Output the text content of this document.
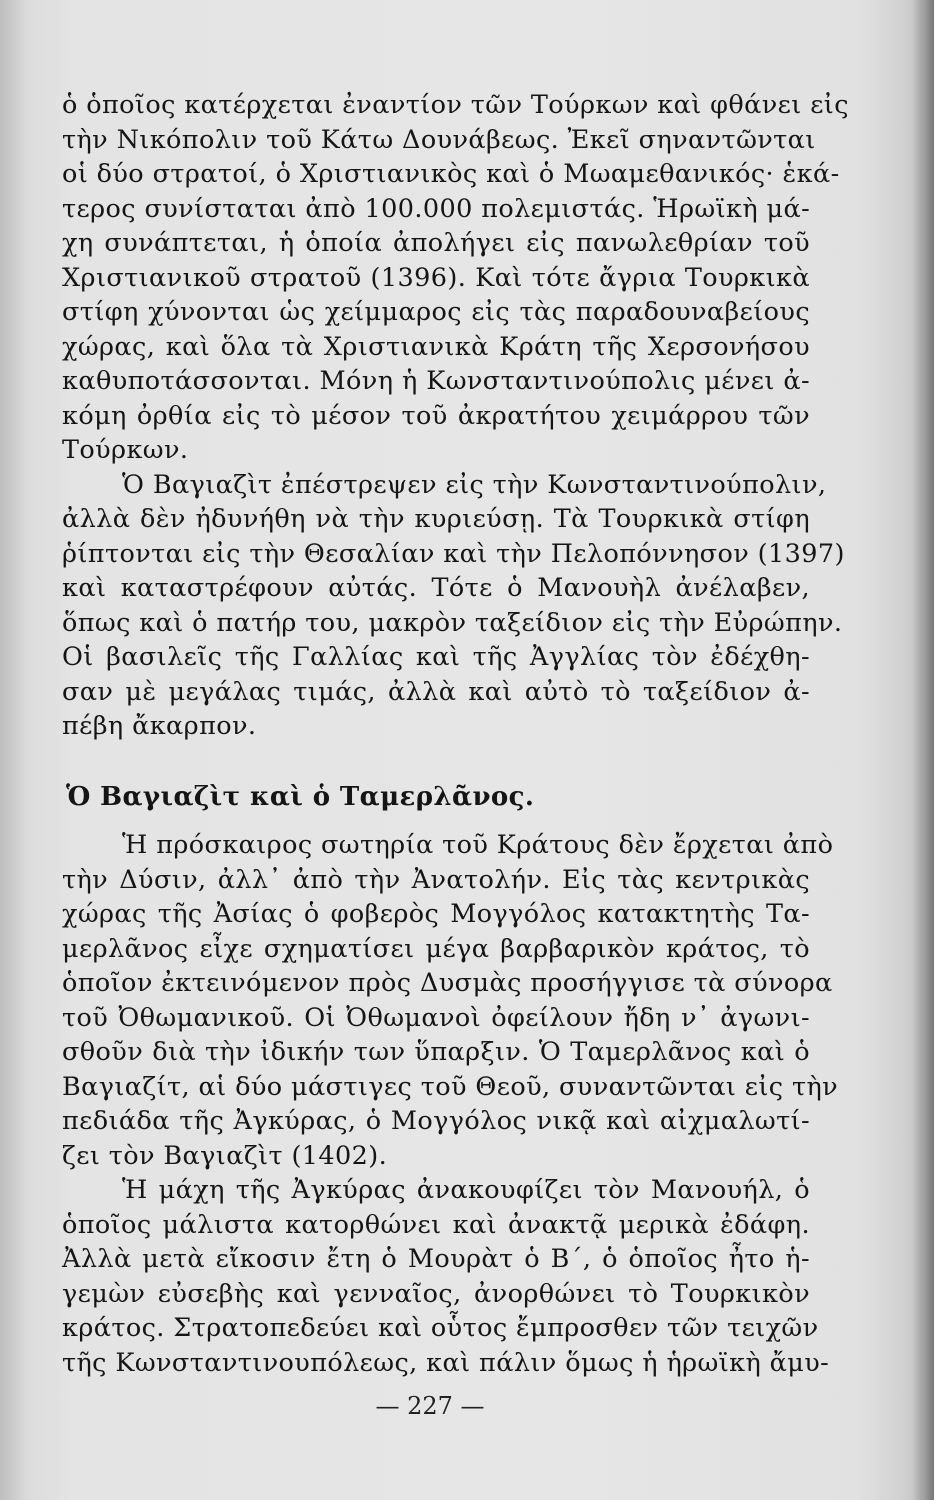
ὁ ὁποῖος κατέρχεται ἐναντίον τῶν Τούρκων καὶ φθάνει εἰς
τὴν Νικόπολιν τοῦ Κάτω Δουνάβεως. Ἐκεῖ σηναντῶνται
οἱ δύο στρατοί, ὁ Χριστιανικὸς καὶ ὁ Μωαμεθανικός· ἑκά-
τερος συνίσταται ἀπὸ 100.000 πολεμιστάς. Ἡρωϊκὴ μά-
χη συνάπτεται, ἡ ὁποία ἀπολήγει εἰς πανωλεθρίαν τοῦ
Χριστιανικοῦ στρατοῦ (1396). Καὶ τότε ἄγρια Τουρκικὰ
στίφη χύνονται ὡς χείμμαρος εἰς τὰς παραδουναβείους
χώρας, καὶ ὅλα τὰ Χριστιανικὰ Κράτη τῆς Χερσονήσου
καθυποτάσσονται. Μόνη ἡ Κωνσταντινούπολις μένει ἀ-
κόμη ὀρθία εἰς τὸ μέσον τοῦ ἀκρατήτου χειμάρρου τῶν
Τούρκων.
Ὁ Βαγιαζὶτ ἐπέστρεψεν εἰς τὴν Κωνσταντινούπολιν,
ἀλλὰ δὲν ἠδυνήθη νὰ τὴν κυριεύσῃ. Τὰ Τουρκικὰ στίφη
ῥίπτονται εἰς τὴν Θεσαλίαν καὶ τὴν Πελοπόννησον (1397)
καὶ καταστρέφουν αὐτάς. Τότε ὁ Μανουὴλ ἀνέλαβεν,
ὅπως καὶ ὁ πατήρ του, μακρὸν ταξείδιον εἰς τὴν Εὐρώπην.
Οἱ βασιλεῖς τῆς Γαλλίας καὶ τῆς Ἀγγλίας τὸν ἐδέχθη-
σαν μὲ μεγάλας τιμάς, ἀλλὰ καὶ αὐτὸ τὸ ταξείδιον ἀ-
πέβη ἄκαρπον.
Ὁ Βαγιαζὶτ καὶ ὁ Ταμερλᾶνος.
Ἡ πρόσκαιρος σωτηρία τοῦ Κράτους δὲν ἔρχεται ἀπὸ
τὴν Δύσιν, ἀλλ᾽ ἀπὸ τὴν Ἀνατολήν. Εἰς τὰς κεντρικὰς
χώρας τῆς Ἀσίας ὁ φοβερὸς Μογγόλος κατακτητὴς Τα-
μερλᾶνος εἶχε σχηματίσει μέγα βαρβαρικὸν κράτος, τὸ
ὁποῖον ἐκτεινόμενον πρὸς Δυσμὰς προσήγγισε τὰ σύνορα
τοῦ Ὀθωμανικοῦ. Οἱ Ὀθωμανοὶ ὀφείλουν ἤδη ν᾽ ἀγωνι-
σθοῦν διὰ τὴν ἰδικήν των ὕπαρξιν. Ὁ Ταμερλᾶνος καὶ ὁ
Βαγιαζίτ, αἱ δύο μάστιγες τοῦ Θεοῦ, συναντῶνται εἰς τὴν
πεδιάδα τῆς Ἀγκύρας, ὁ Μογγόλος νικᾷ καὶ αἰχμαλωτί-
ζει τὸν Βαγιαζὶτ (1402).
Ἡ μάχη τῆς Ἀγκύρας ἀνακουφίζει τὸν Μανουήλ, ὁ
ὁποῖος μάλιστα κατορθώνει καὶ ἀνακτᾷ μερικὰ ἐδάφη.
Ἀλλὰ μετὰ εἴκοσιν ἔτη ὁ Μουρὰτ ὁ Β΄, ὁ ὁποῖος ἦτο ἡ-
γεμὼν εὐσεβὴς καὶ γενναῖος, ἀνορθώνει τὸ Τουρκικὸν
κράτος. Στρατοπεδεύει καὶ οὗτος ἔμπροσθεν τῶν τειχῶν
τῆς Κωνσταντινουπόλεως, καὶ πάλιν ὅμως ἡ ἡρωϊκὴ ἄμυ-
— 227 —
